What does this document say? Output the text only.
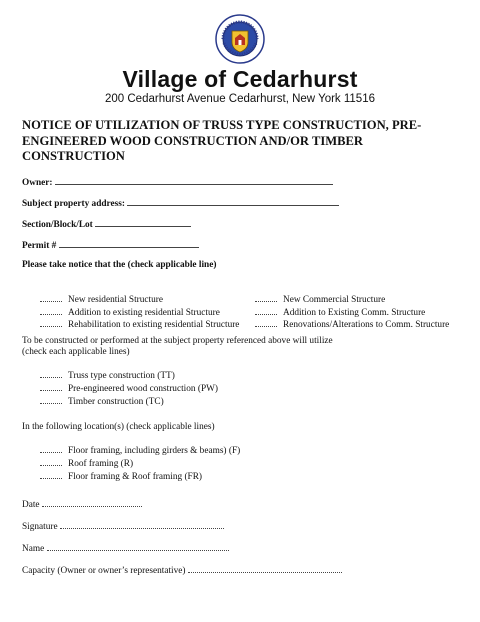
Village of Cedarhurst
200 Cedarhurst Avenue Cedarhurst, New York 11516
NOTICE OF UTILIZATION OF TRUSS TYPE CONSTRUCTION, PRE-
ENGINEERED WOOD CONSTRUCTION AND/OR TIMBER
CONSTRUCTION
Owner:
Subject property address:
Section/Block/Lot
Permit #
Please take notice that the (check applicable line)
New residential Structure
Addition to existing residential Structure
Rehabilitation to existing residential Structure
New Commercial Structure
Addition to Existing Comm. Structure
Renovations/Alterations to Comm. Structure
To be constructed or performed at the subject property referenced above will utilize
(check each applicable lines)
Truss type construction (TT)
Pre-engineered wood construction (PW)
Timber construction (TC)
In the following location(s) (check applicable lines)
Floor framing, including girders & beams) (F)
Roof framing (R)
Floor framing & Roof framing (FR)
Date
Signature
Name
Capacity (Owner or owner’s representative)
